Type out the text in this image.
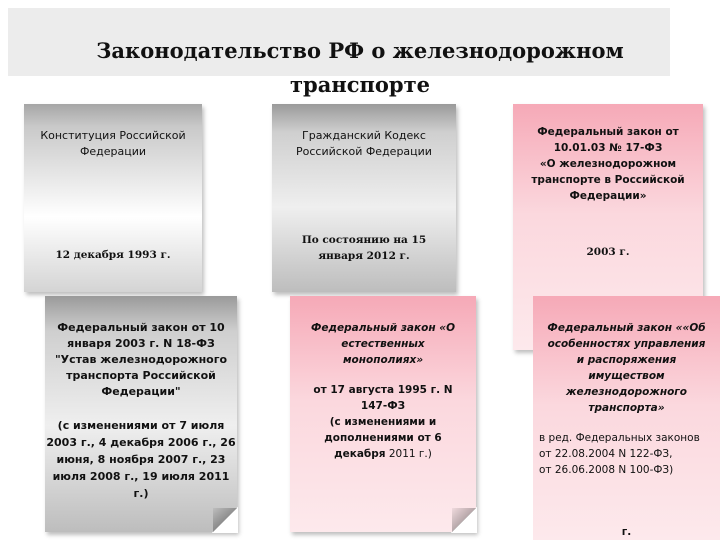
Законодательство РФ о железнодорожном
транспорте
Конституция Российской
Федерации
12 декабря 1993 г.
Гражданский Кодекс
Российской Федерации
По состоянию на 15
января 2012 г.
Федеральный закон от
10.01.03 № 17-ФЗ
«О железнодорожном
транспорте в Российской
Федерации»
2003 г.
Федеральный закон от 10
января 2003 г. N 18-ФЗ
"Устав железнодорожного
транспорта Российской
Федерации"
(с изменениями от 7 июля
2003 г., 4 декабря 2006 г., 26
июня, 8 ноября 2007 г., 23
июля 2008 г., 19 июля 2011
г.)
Федеральный закон «О
естественных
монополиях»
от 17 августа 1995 г. N
147-ФЗ
(с изменениями и
дополнениями от 6
декабря 2011 г.)
Федеральный закон ««Об
особенностях управления
и распоряжения
имуществом
железнодорожного
транспорта»
в ред. Федеральных законов
от 22.08.2004 N 122-ФЗ,
от 26.06.2008 N 100-ФЗ)
г.
